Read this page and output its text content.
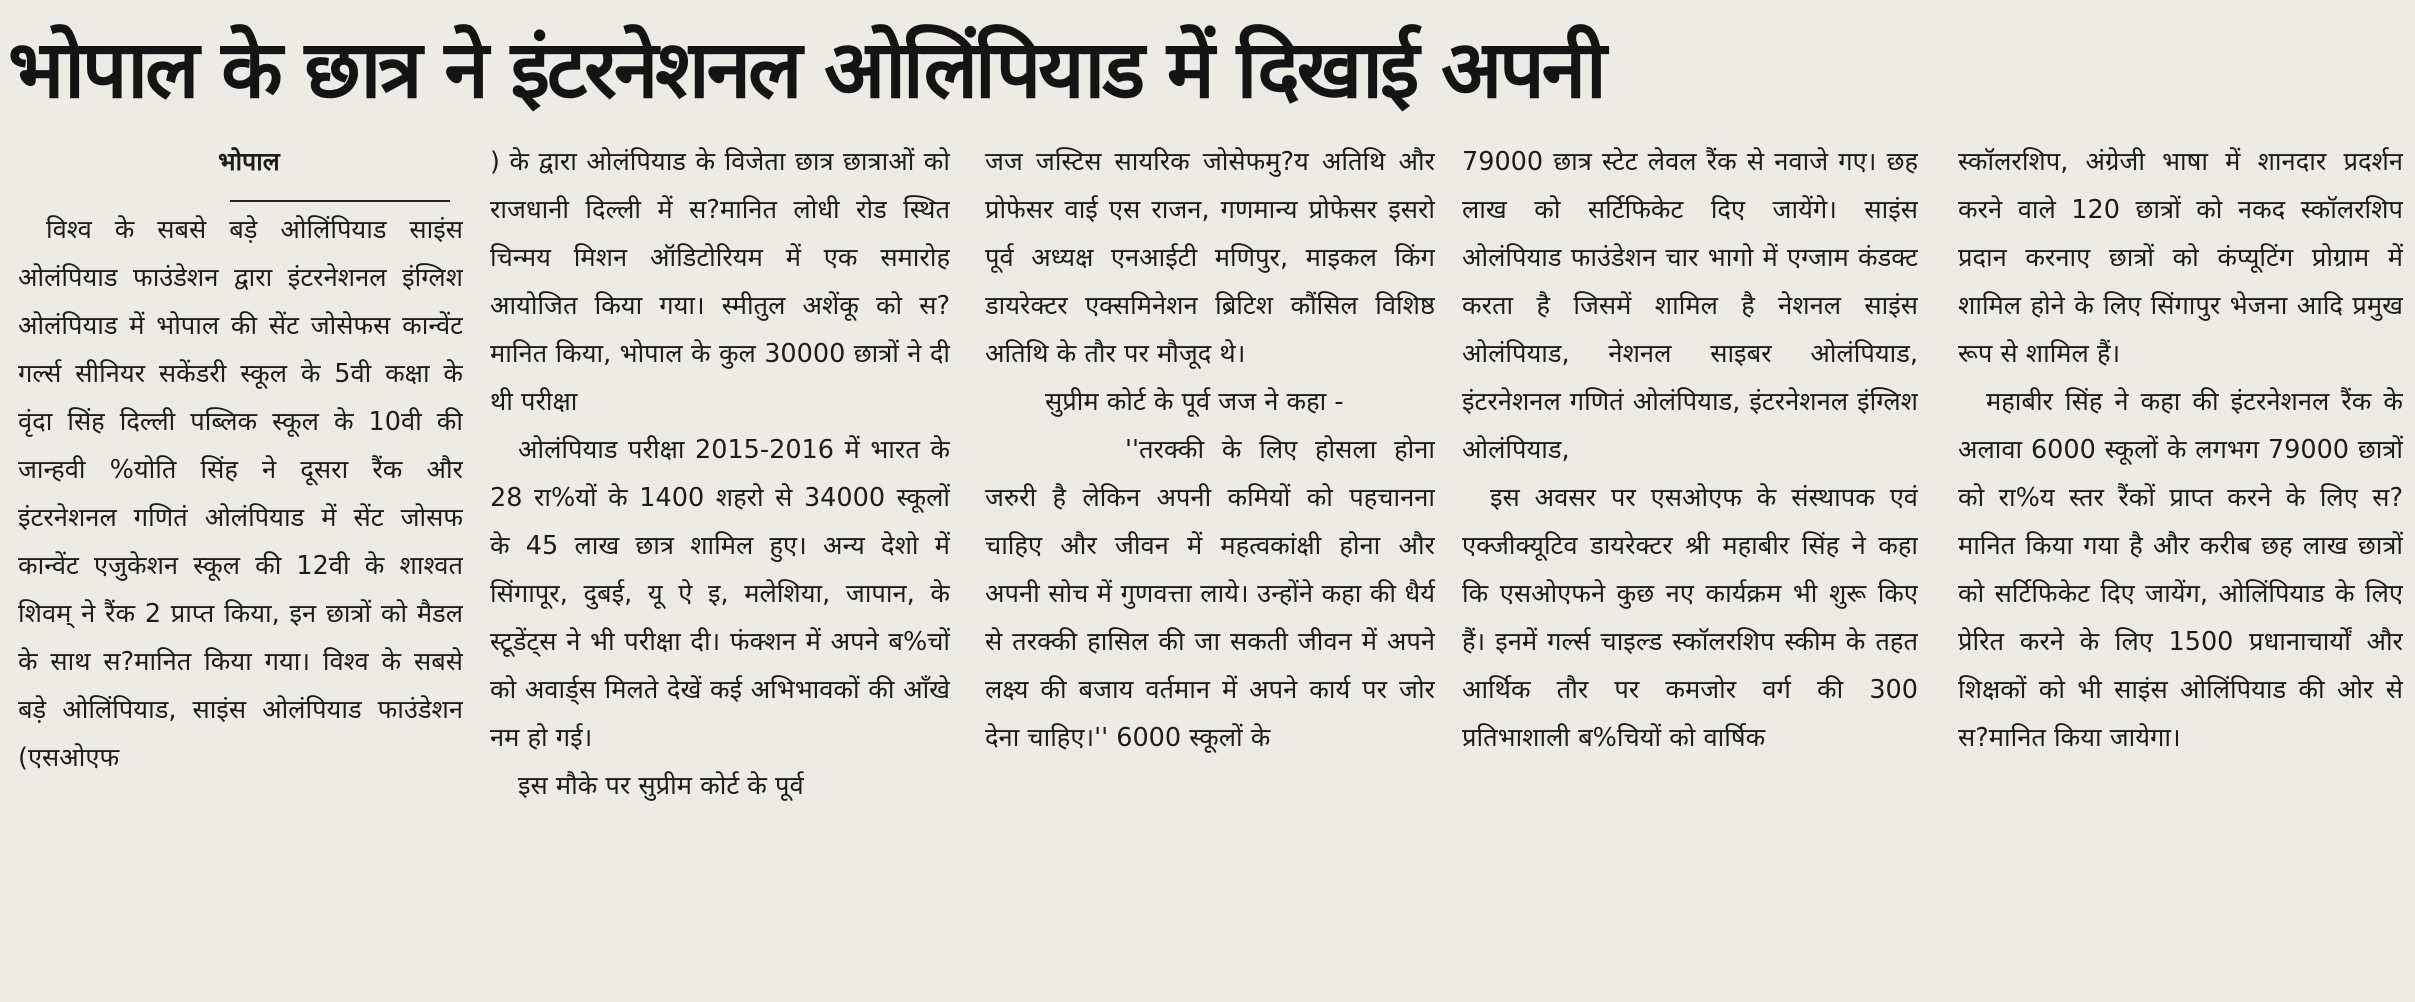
भोपाल के छात्र ने इंटरनेशनल ओलिंपियाड में दिखाई अपनी

भोपाल

विश्व के सबसे बड़े ओलिंपियाड साइंस ओलंपियाड फाउंडेशन द्वारा इंटरनेशनल इंग्लिश ओलंपियाड में भोपाल की सेंट जोसेफस कान्वेंट गर्ल्स सीनियर सकेंडरी स्कूल के 5वी कक्षा के वृंदा सिंह दिल्ली पब्लिक स्कूल के 10वी की जान्हवी %योति सिंह ने दूसरा रैंक और इंटरनेशनल गणितं ओलंपियाड में सेंट जोसफ कान्वेंट एजुकेशन स्कूल की 12वी के शाश्वत शिवम् ने रैंक 2 प्राप्त किया, इन छात्रों को मैडल के साथ स?मानित किया गया। विश्व के सबसे बड़े ओलिंपियाड, साइंस ओलंपियाड फाउंडेशन (एसओएफ

) के द्वारा ओलंपियाड के विजेता छात्र छात्राओं को राजधानी दिल्ली में स?मानित लोधी रोड स्थित चिन्मय मिशन ऑडिटोरियम में एक समारोह आयोजित किया गया। स्मीतुल अशेंकू को स?मानित किया, भोपाल के कुल 30000 छात्रों ने दी थी परीक्षा

ओलंपियाड परीक्षा 2015-2016 में भारत के 28 रा%यों के 1400 शहरो से 34000 स्कूलों के 45 लाख छात्र शामिल हुए। अन्य देशो में सिंगापूर, दुबई, यू ऐ इ, मलेशिया, जापान, के स्टूडेंट्स ने भी परीक्षा दी। फंक्शन में अपने ब%चों को अवार्ड्स मिलते देखें कई अभिभावकों की आँखे नम हो गई।

इस मौके पर सुप्रीम कोर्ट के पूर्व

जज जस्टिस सायरिक जोसेफमु?य अतिथि और प्रोफेसर वाई एस राजन, गणमान्य प्रोफेसर इसरो पूर्व अध्यक्ष एनआईटी मणिपुर, माइकल किंग डायरेक्टर एक्समिनेशन ब्रिटिश कौंसिल विशिष्ठ अतिथि के तौर पर मौजूद थे।

सुप्रीम कोर्ट के पूर्व जज ने कहा -

''तरक्की के लिए होसला होना जरुरी है लेकिन अपनी कमियों को पहचानना चाहिए और जीवन में महत्वकांक्षी होना और अपनी सोच में गुणवत्ता लाये। उन्होंने कहा की धैर्य से तरक्की हासिल की जा सकती जीवन में अपने लक्ष्य की बजाय वर्तमान में अपने कार्य पर जोर देना चाहिए।'' 6000 स्कूलों के

79000 छात्र स्टेट लेवल रैंक से नवाजे गए। छह लाख को सर्टिफिकेट दिए जायेंगे। साइंस ओलंपियाड फाउंडेशन चार भागो में एग्जाम कंडक्ट करता है जिसमें शामिल है नेशनल साइंस ओलंपियाड, नेशनल साइबर ओलंपियाड, इंटरनेशनल गणितं ओलंपियाड, इंटरनेशनल इंग्लिश ओलंपियाड,

इस अवसर पर एसओएफ के संस्थापक एवं एक्जीक्यूटिव डायरेक्टर श्री महाबीर सिंह ने कहा कि एसओएफने कुछ नए कार्यक्रम भी शुरू किए हैं। इनमें गर्ल्स चाइल्ड स्कॉलरशिप स्कीम के तहत आर्थिक तौर पर कमजोर वर्ग की 300 प्रतिभाशाली ब%चियों को वार्षिक

स्कॉलरशिप, अंग्रेजी भाषा में शानदार प्रदर्शन करने वाले 120 छात्रों को नकद स्कॉलरशिप प्रदान करनाए छात्रों को कंप्यूटिंग प्रोग्राम में शामिल होने के लिए सिंगापुर भेजना आदि प्रमुख रूप से शामिल हैं।

महाबीर सिंह ने कहा की इंटरनेशनल रैंक के अलावा 6000 स्कूलों के लगभग 79000 छात्रों को रा%य स्तर रैंकों प्राप्त करने के लिए स?मानित किया गया है और करीब छह लाख छात्रों को सर्टिफिकेट दिए जायेंग, ओलिंपियाड के लिए प्रेरित करने के लिए 1500 प्रधानाचार्यों और शिक्षकों को भी साइंस ओलिंपियाड की ओर से स?मानित किया जायेगा।
